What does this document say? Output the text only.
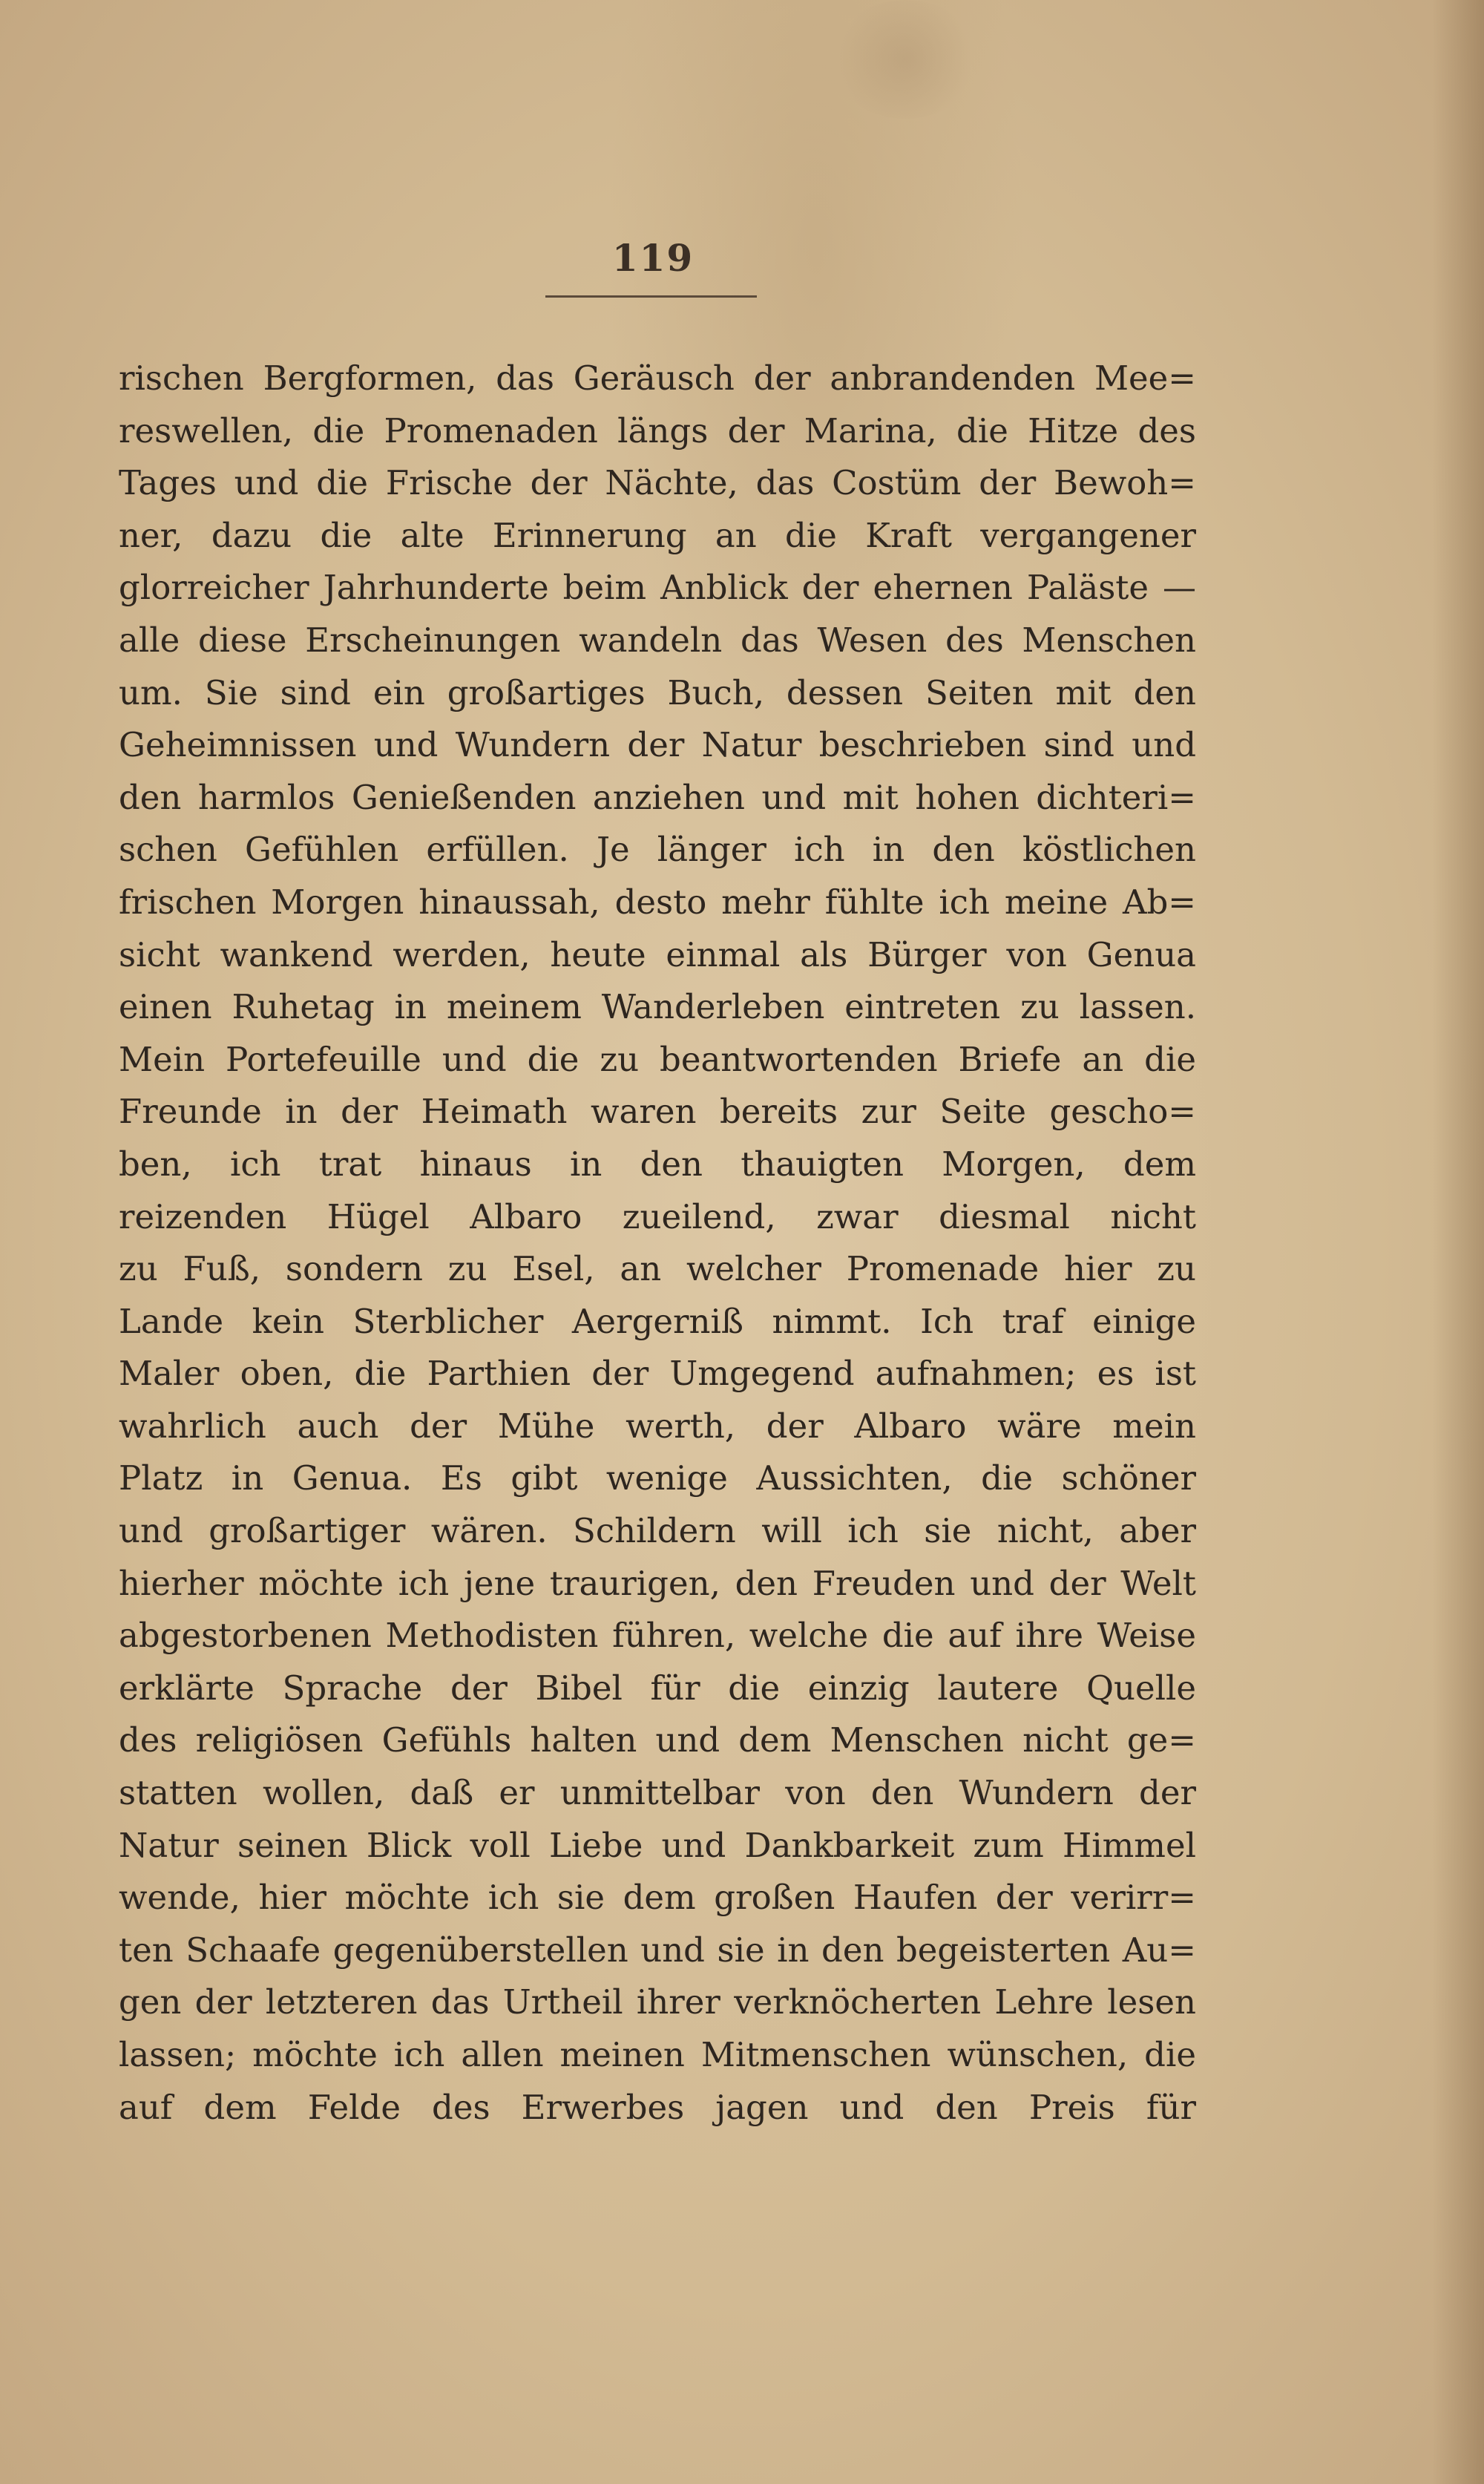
119
rischen Bergformen, das Geräusch der anbrandenden Mee=
reswellen, die Promenaden längs der Marina, die Hitze des
Tages und die Frische der Nächte, das Costüm der Bewoh=
ner, dazu die alte Erinnerung an die Kraft vergangener
glorreicher Jahrhunderte beim Anblick der ehernen Paläste —
alle diese Erscheinungen wandeln das Wesen des Menschen
um. Sie sind ein großartiges Buch, dessen Seiten mit den
Geheimnissen und Wundern der Natur beschrieben sind und
den harmlos Genießenden anziehen und mit hohen dichteri=
schen Gefühlen erfüllen. Je länger ich in den köstlichen
frischen Morgen hinaussah, desto mehr fühlte ich meine Ab=
sicht wankend werden, heute einmal als Bürger von Genua
einen Ruhetag in meinem Wanderleben eintreten zu lassen.
Mein Portefeuille und die zu beantwortenden Briefe an die
Freunde in der Heimath waren bereits zur Seite gescho=
ben, ich trat hinaus in den thauigten Morgen, dem
reizenden Hügel Albaro zueilend, zwar diesmal nicht
zu Fuß, sondern zu Esel, an welcher Promenade hier zu
Lande kein Sterblicher Aergerniß nimmt. Ich traf einige
Maler oben, die Parthien der Umgegend aufnahmen; es ist
wahrlich auch der Mühe werth, der Albaro wäre mein
Platz in Genua. Es gibt wenige Aussichten, die schöner
und großartiger wären. Schildern will ich sie nicht, aber
hierher möchte ich jene traurigen, den Freuden und der Welt
abgestorbenen Methodisten führen, welche die auf ihre Weise
erklärte Sprache der Bibel für die einzig lautere Quelle
des religiösen Gefühls halten und dem Menschen nicht ge=
statten wollen, daß er unmittelbar von den Wundern der
Natur seinen Blick voll Liebe und Dankbarkeit zum Himmel
wende, hier möchte ich sie dem großen Haufen der verirr=
ten Schaafe gegenüberstellen und sie in den begeisterten Au=
gen der letzteren das Urtheil ihrer verknöcherten Lehre lesen
lassen; möchte ich allen meinen Mitmenschen wünschen, die
auf dem Felde des Erwerbes jagen und den Preis für
